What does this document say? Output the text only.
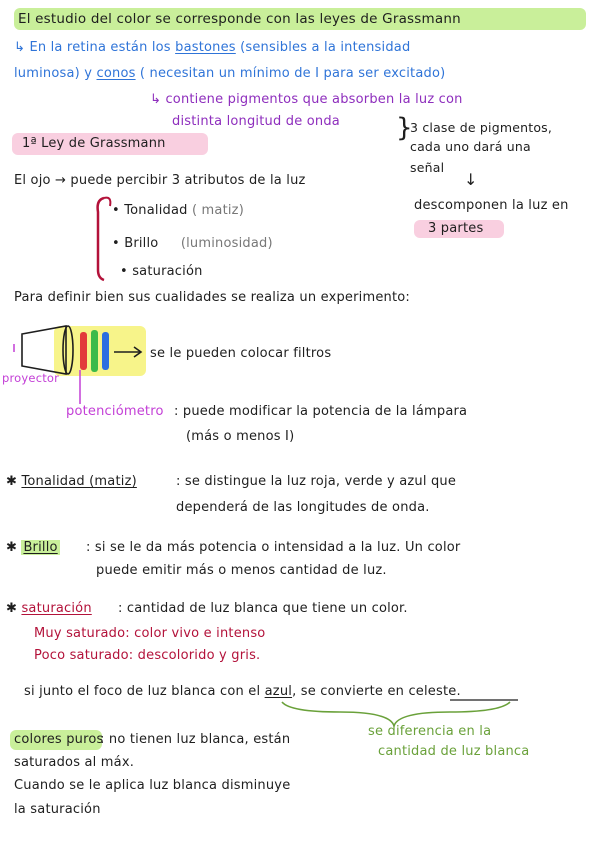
El estudio del color se corresponde con las leyes de Grassmann
↳ En la retina están los bastones (sensibles a la intensidad
luminosa) y conos ( necesitan un mínimo de I para ser excitado)
↳ contiene pigmentos que absorben la luz con
distinta longitud de onda }
3 clase de pigmentos,
cada uno dará una
señal
↓
descomponen la luz en
3 partes
1ª Ley de Grassmann
El ojo → puede percibir 3 atributos de la luz
• Tonalidad ( matiz)
• Brillo (luminosidad)
• saturación
Para definir bien sus cualidades se realiza un experimento:
se le pueden colocar filtros
proyector
potenciómetro : puede modificar la potencia de la lámpara
(más o menos I)
✱ Tonalidad (matiz)	: se distingue la luz roja, verde y azul que
dependerá de las longitudes de onda.
✱ Brillo : si se le da más potencia o intensidad a la luz. Un color
puede emitir más o menos cantidad de luz.
✱ saturación : cantidad de luz blanca que tiene un color.
Muy saturado: color vivo e intenso
Poco saturado: descolorido y gris.
si junto el foco de luz blanca con el azul, se convierte en celeste.
se diferencia en la
cantidad de luz blanca
colores puros
: no tienen luz blanca, están
saturados al máx.
Cuando se le aplica luz blanca disminuye
la saturación
